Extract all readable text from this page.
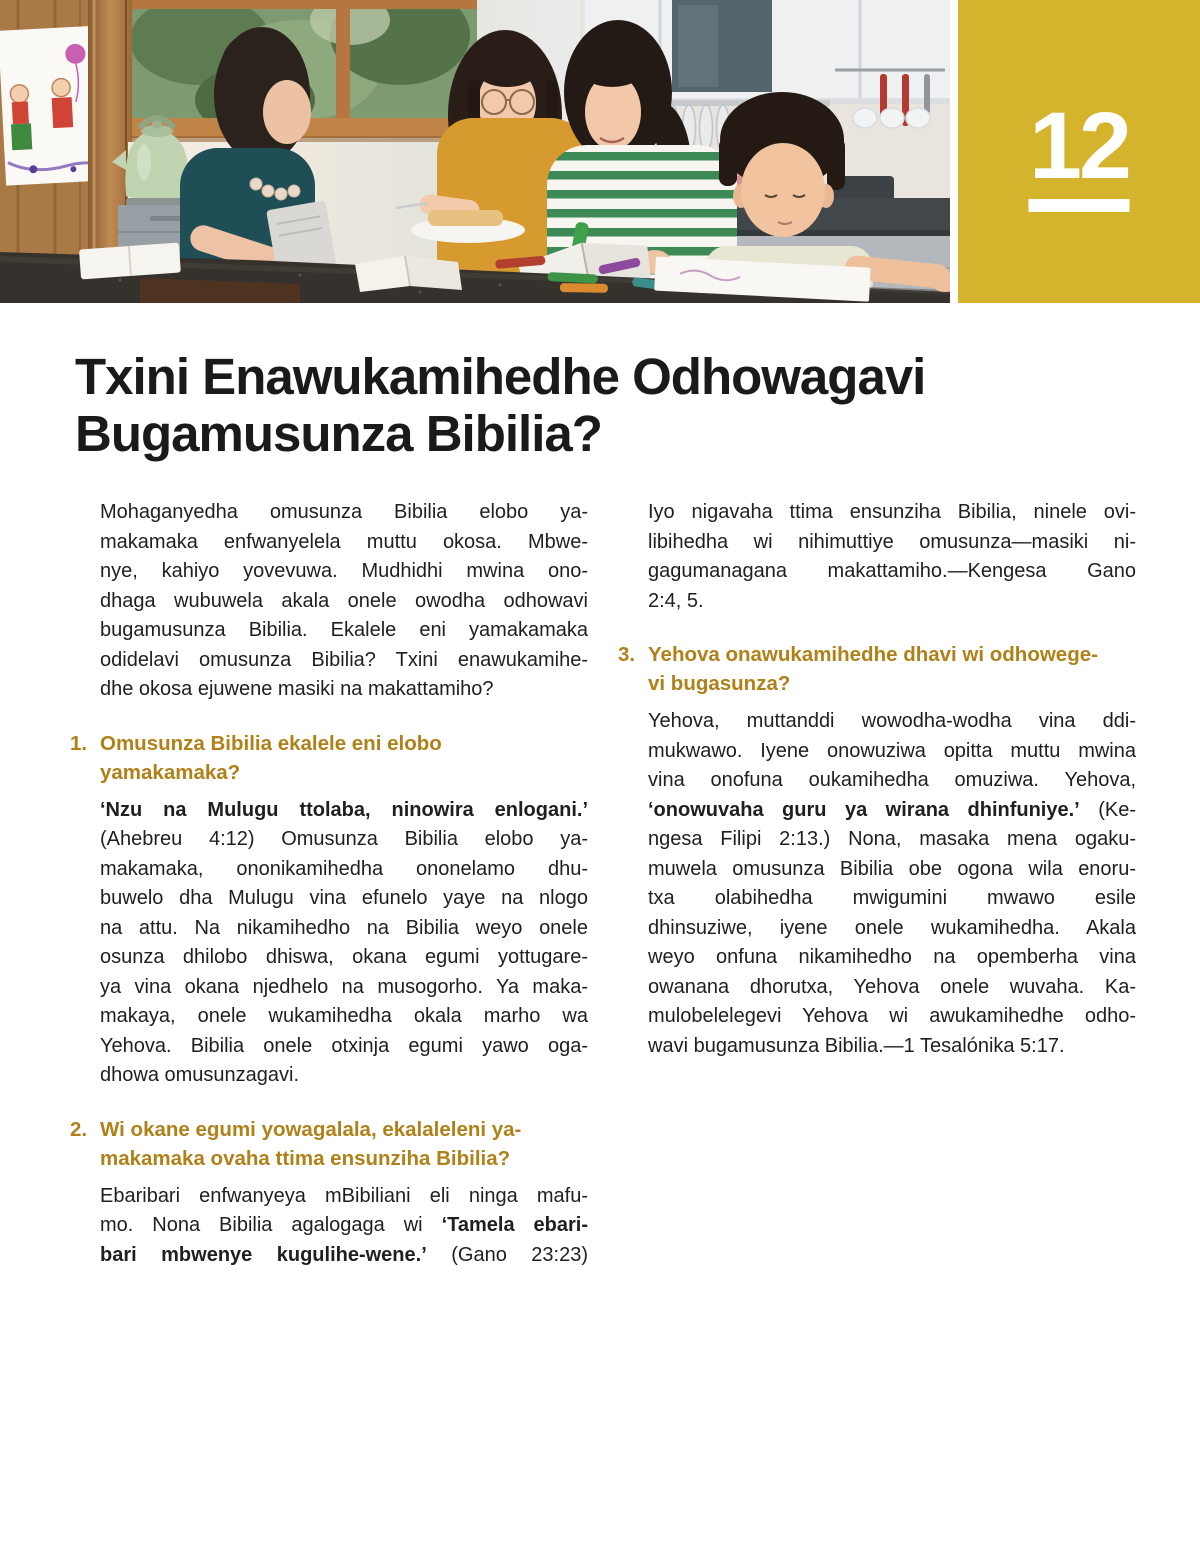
12
Txini Enawukamihedhe Odhowagavi
Bugamusunza Bibilia?
Mohaganyedha omusunza Bibilia elobo ya-
makamaka enfwanyelela muttu okosa. Mbwe-
nye, kahiyo yovevuwa. Mudhidhi mwina ono-
dhaga wubuwela akala onele owodha odhowavi
bugamusunza Bibilia. Ekalele eni yamakamaka
odidelavi omusunza Bibilia? Txini enawukamihe-
dhe okosa ejuwene masiki na makattamiho?
1. Omusunza Bibilia ekalele eni elobo
yamakamaka?
‘Nzu na Mulugu ttolaba, ninowira enlogani.’
(Ahebreu 4:12) Omusunza Bibilia elobo ya-
makamaka, ononikamihedha ononelamo dhu-
buwelo dha Mulugu vina efunelo yaye na nlogo
na attu. Na nikamihedho na Bibilia weyo onele
osunza dhilobo dhiswa, okana egumi yottugare-
ya vina okana njedhelo na musogorho. Ya maka-
makaya, onele wukamihedha okala marho wa
Yehova. Bibilia onele otxinja egumi yawo oga-
dhowa omusunzagavi.
2. Wi okane egumi yowagalala, ekalaleleni ya-
makamaka ovaha ttima ensunziha Bibilia?
Ebaribari enfwanyeya mBibiliani eli ninga mafu-
mo. Nona Bibilia agalogaga wi ‘Tamela ebari-
bari mbwenye kugulihe-wene.’ (Gano 23:23)
Iyo nigavaha ttima ensunziha Bibilia, ninele ovi-
libihedha wi nihimuttiye omusunza—masiki ni-
gagumanagana makattamiho.—Kengesa Gano
2:4, 5.
3. Yehova onawukamihedhe dhavi wi odhowege-
vi bugasunza?
Yehova, muttanddi wowodha-wodha vina ddi-
mukwawo. Iyene onowuziwa opitta muttu mwina
vina onofuna oukamihedha omuziwa. Yehova,
‘onowuvaha guru ya wirana dhinfuniye.’ (Ke-
ngesa Filipi 2:13.) Nona, masaka mena ogaku-
muwela omusunza Bibilia obe ogona wila enoru-
txa olabihedha mwigumini mwawo esile
dhinsuziwe, iyene onele wukamihedha. Akala
weyo onfuna nikamihedho na opemberha vina
owanana dhorutxa, Yehova onele wuvaha. Ka-
mulobelelegevi Yehova wi awukamihedhe odho-
wavi bugamusunza Bibilia.—1 Tesalónika 5:17.
